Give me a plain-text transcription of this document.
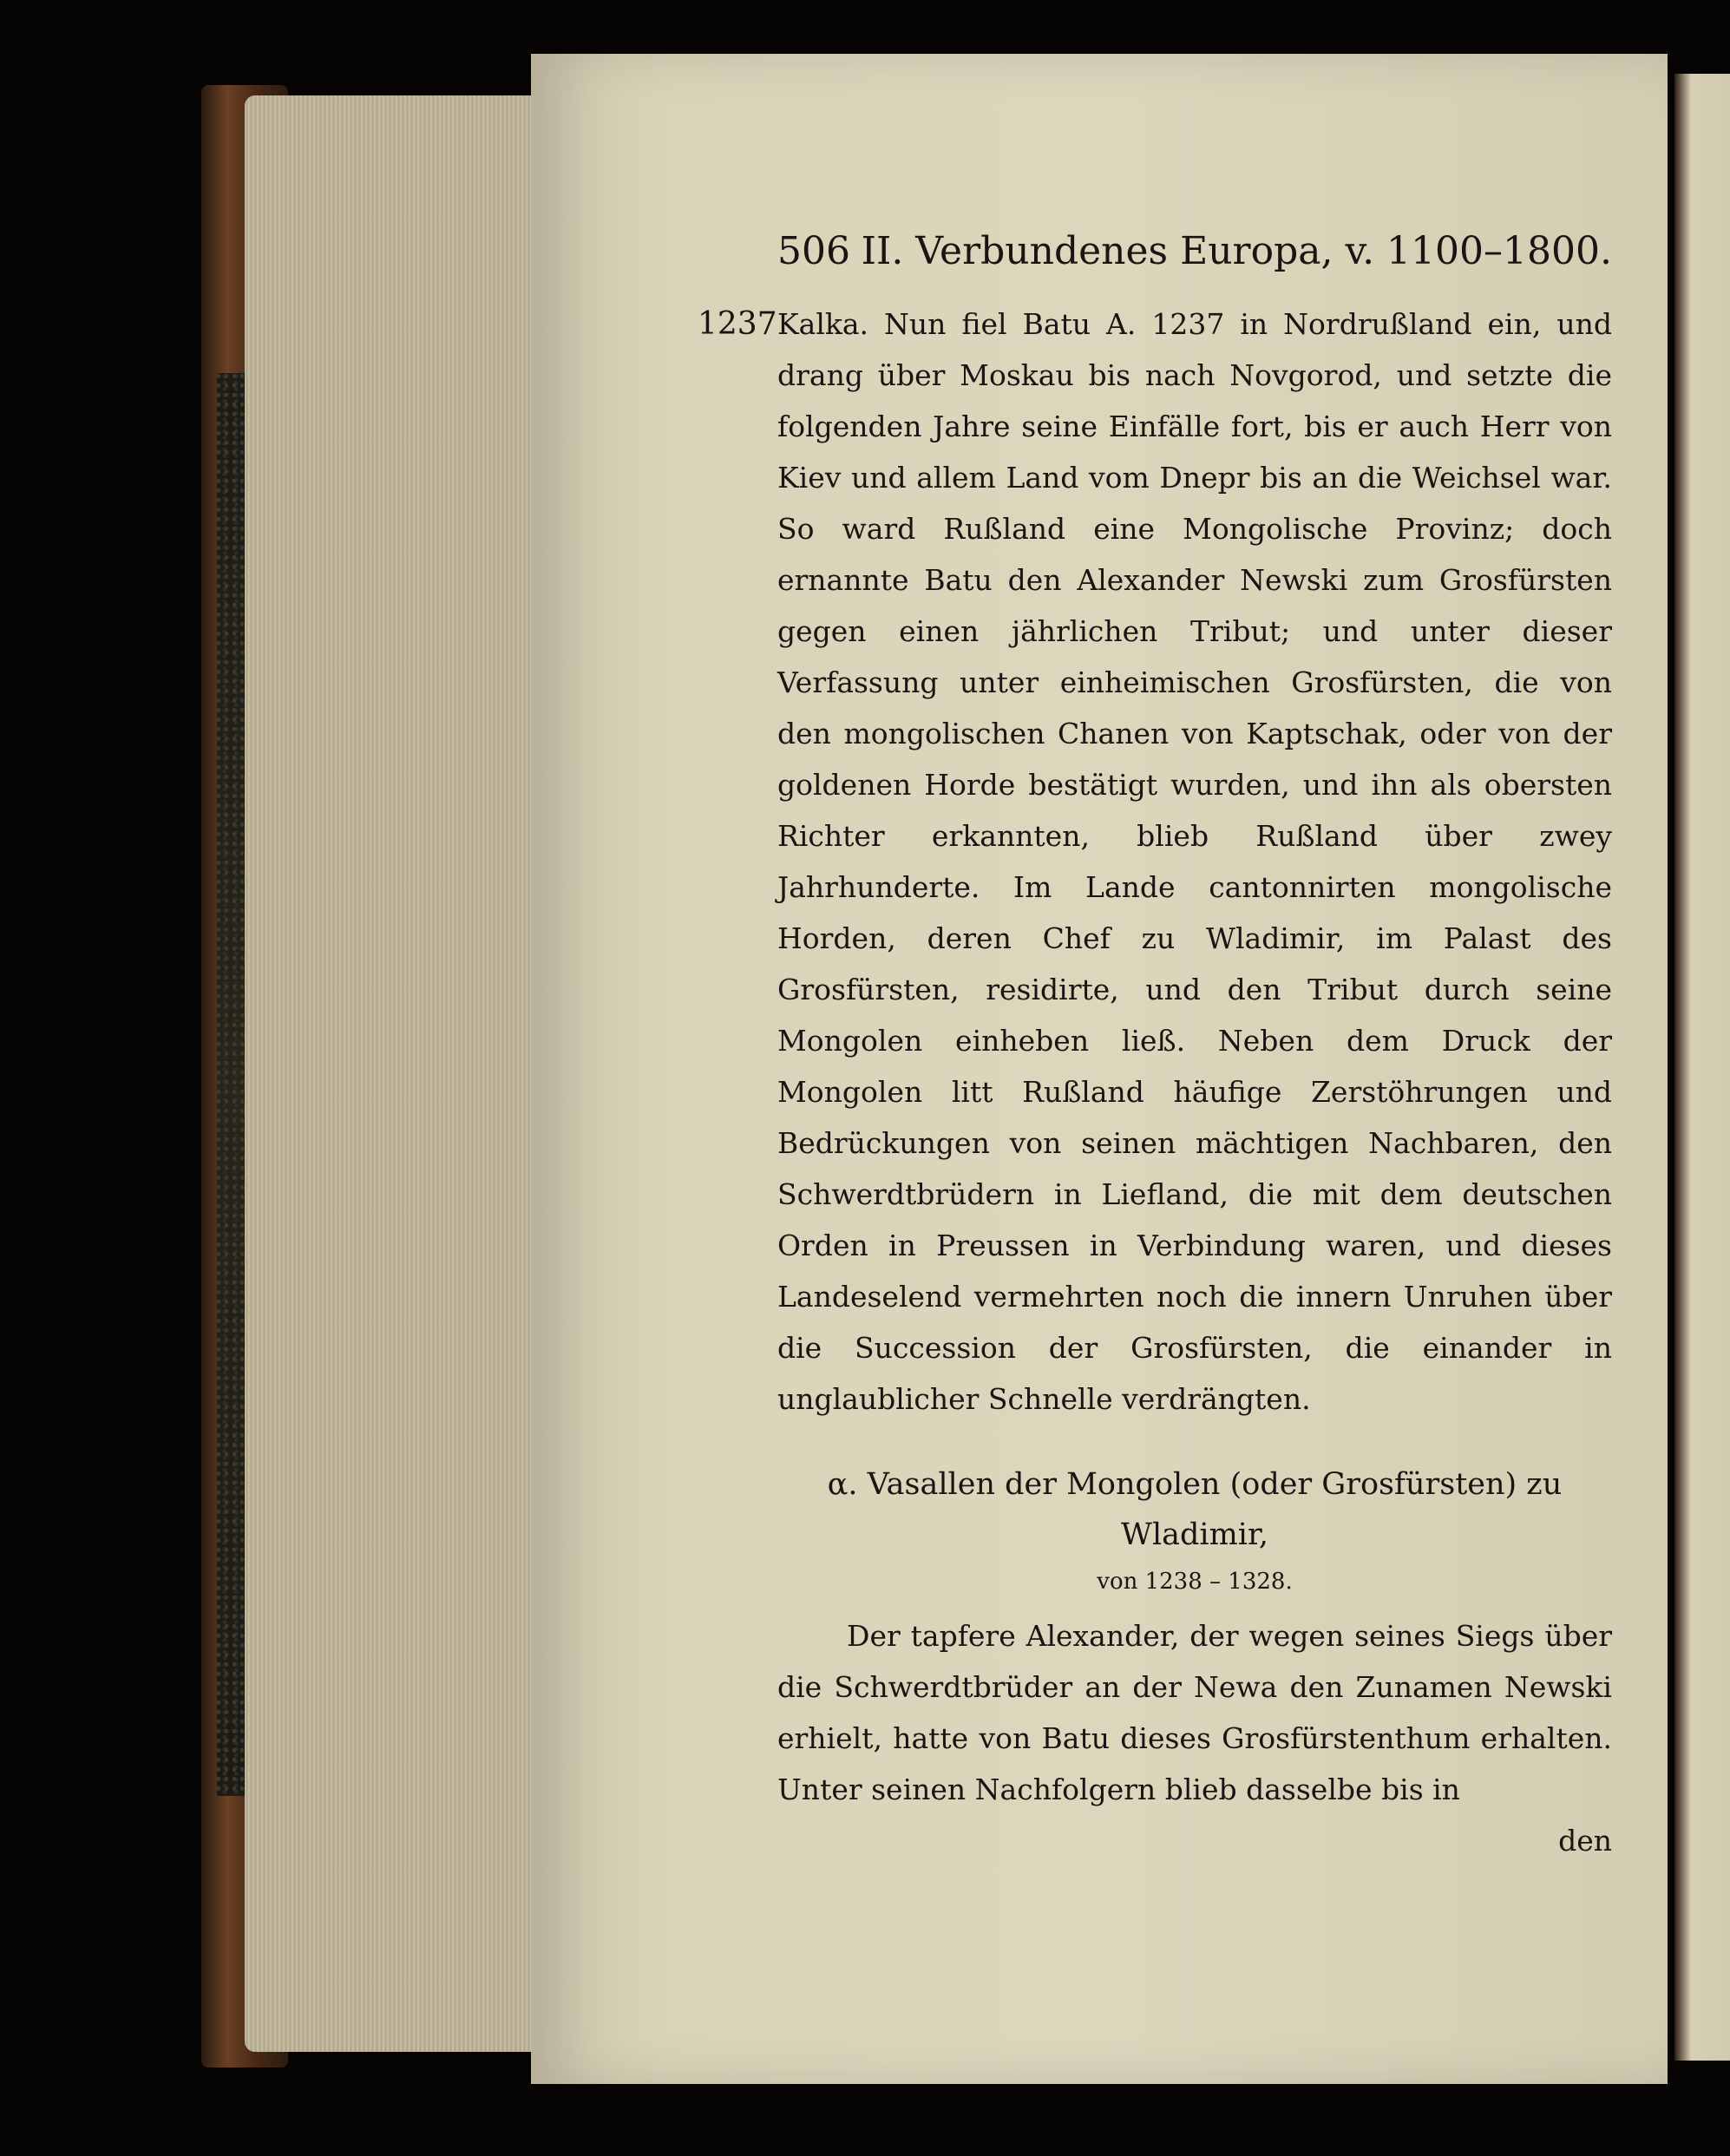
506 II. Verbundenes Europa, v. 1100–1800.
1237 Kalka. Nun fiel Batu A. 1237 in Nordrußland ein, und drang über Moskau bis nach Novgorod, und setzte die folgenden Jahre seine Einfälle fort, bis er auch Herr von Kiev und allem Land vom Dnepr bis an die Weichsel war. So ward Rußland eine Mongolische Provinz; doch ernannte Batu den Alexander Newski zum Grosfürsten gegen einen jährlichen Tribut; und unter dieser Verfassung unter einheimischen Grosfürsten, die von den mongolischen Chanen von Kaptschak, oder von der goldenen Horde bestätigt wurden, und ihn als obersten Richter erkannten, blieb Rußland über zwey Jahrhunderte. Im Lande cantonnirten mongolische Horden, deren Chef zu Wladimir, im Palast des Grosfürsten, residirte, und den Tribut durch seine Mongolen einheben ließ. Neben dem Druck der Mongolen litt Rußland häufige Zerstöhrungen und Bedrückungen von seinen mächtigen Nachbaren, den Schwerdtbrüdern in Liefland, die mit dem deutschen Orden in Preussen in Verbindung waren, und dieses Landeselend vermehrten noch die innern Unruhen über die Succession der Grosfürsten, die einander in unglaublicher Schnelle verdrängten.
α. Vasallen der Mongolen (oder Grosfürsten) zu Wladimir,
von 1238 – 1328.

Der tapfere Alexander, der wegen seines Siegs über die Schwerdtbrüder an der Newa den Zunamen Newski erhielt, hatte von Batu dieses Grosfürstenthum erhalten. Unter seinen Nachfolgern blieb dasselbe bis in

den
